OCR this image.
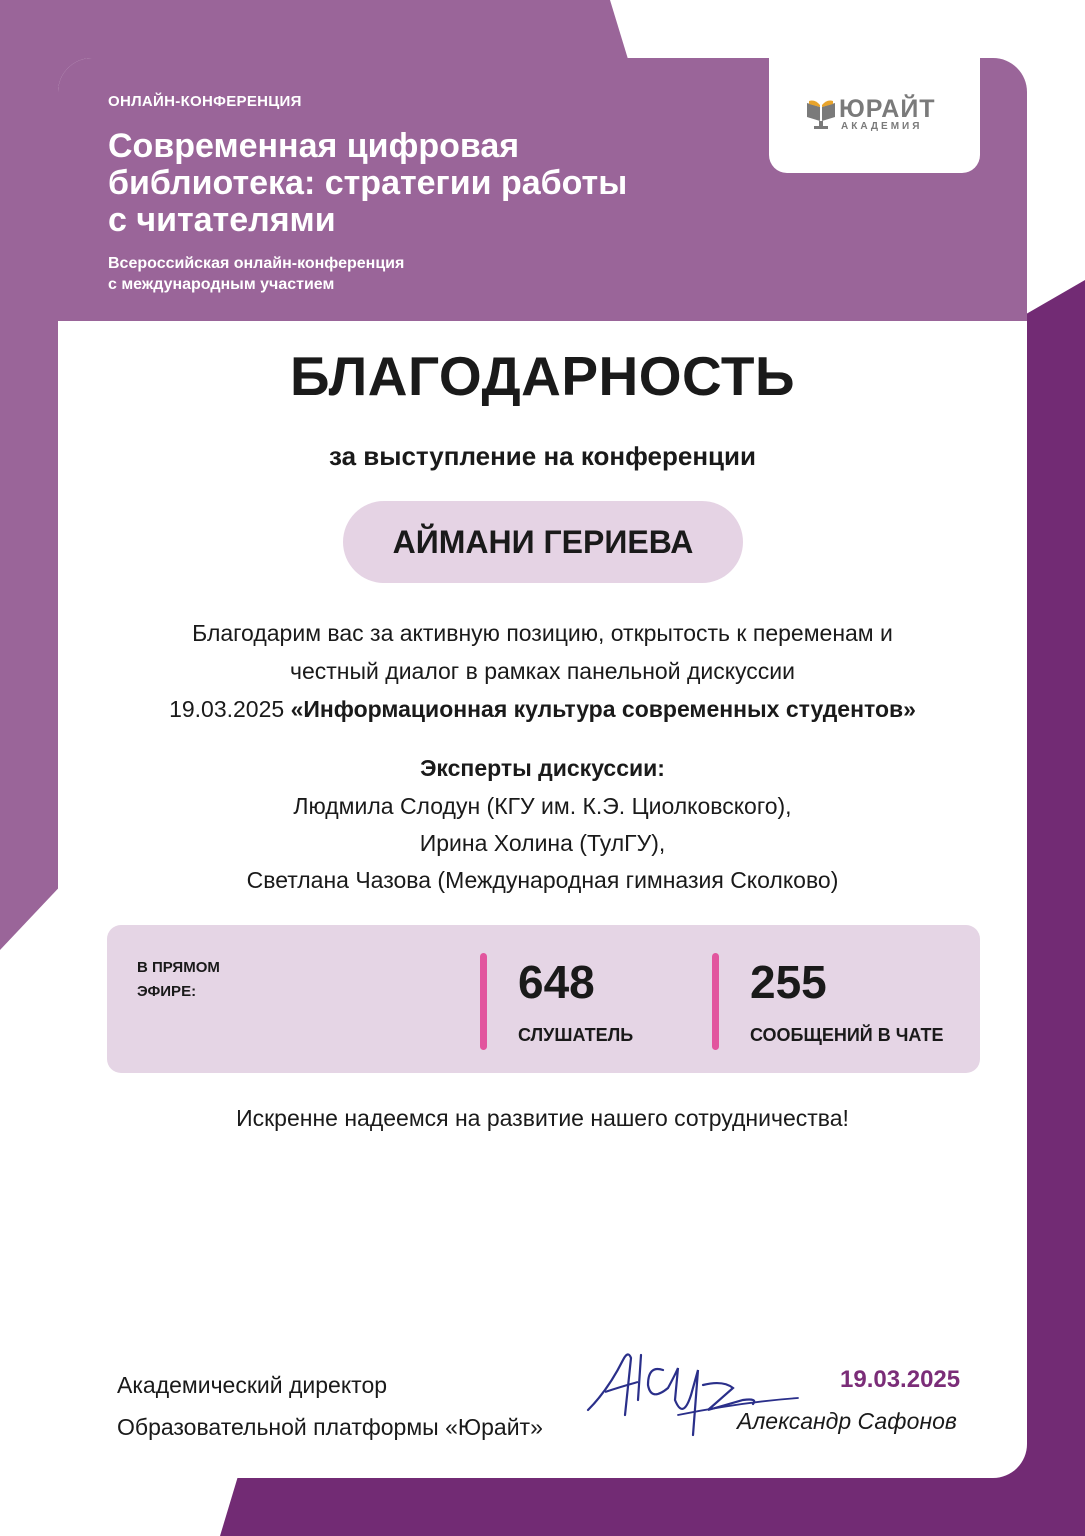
ОНЛАЙН-КОНФЕРЕНЦИЯ
Современная цифровая
библиотека: стратегии работы
с читателями
Всероссийская онлайн-конференция
с международным участием
ЮРАЙТ
АКАДЕМИЯ
БЛАГОДАРНОСТЬ
за выступление на конференции
АЙМАНИ ГЕРИЕВА
Благодарим вас за активную позицию, открытость к переменам и
честный диалог в рамках панельной дискуссии
19.03.2025 «Информационная культура современных студентов»
Эксперты дискуссии:
Людмила Слодун (КГУ им. К.Э. Циолковского),
Ирина Холина (ТулГУ),
Светлана Чазова (Международная гимназия Сколково)
В ПРЯМОМ
ЭФИРЕ:	648
СЛУШАТЕЛЬ
255
СООБЩЕНИЙ В ЧАТЕ
Искренне надеемся на развитие нашего сотрудничества!
Академический директор
Образовательной платформы «Юрайт»
19.03.2025
Александр Сафонов
